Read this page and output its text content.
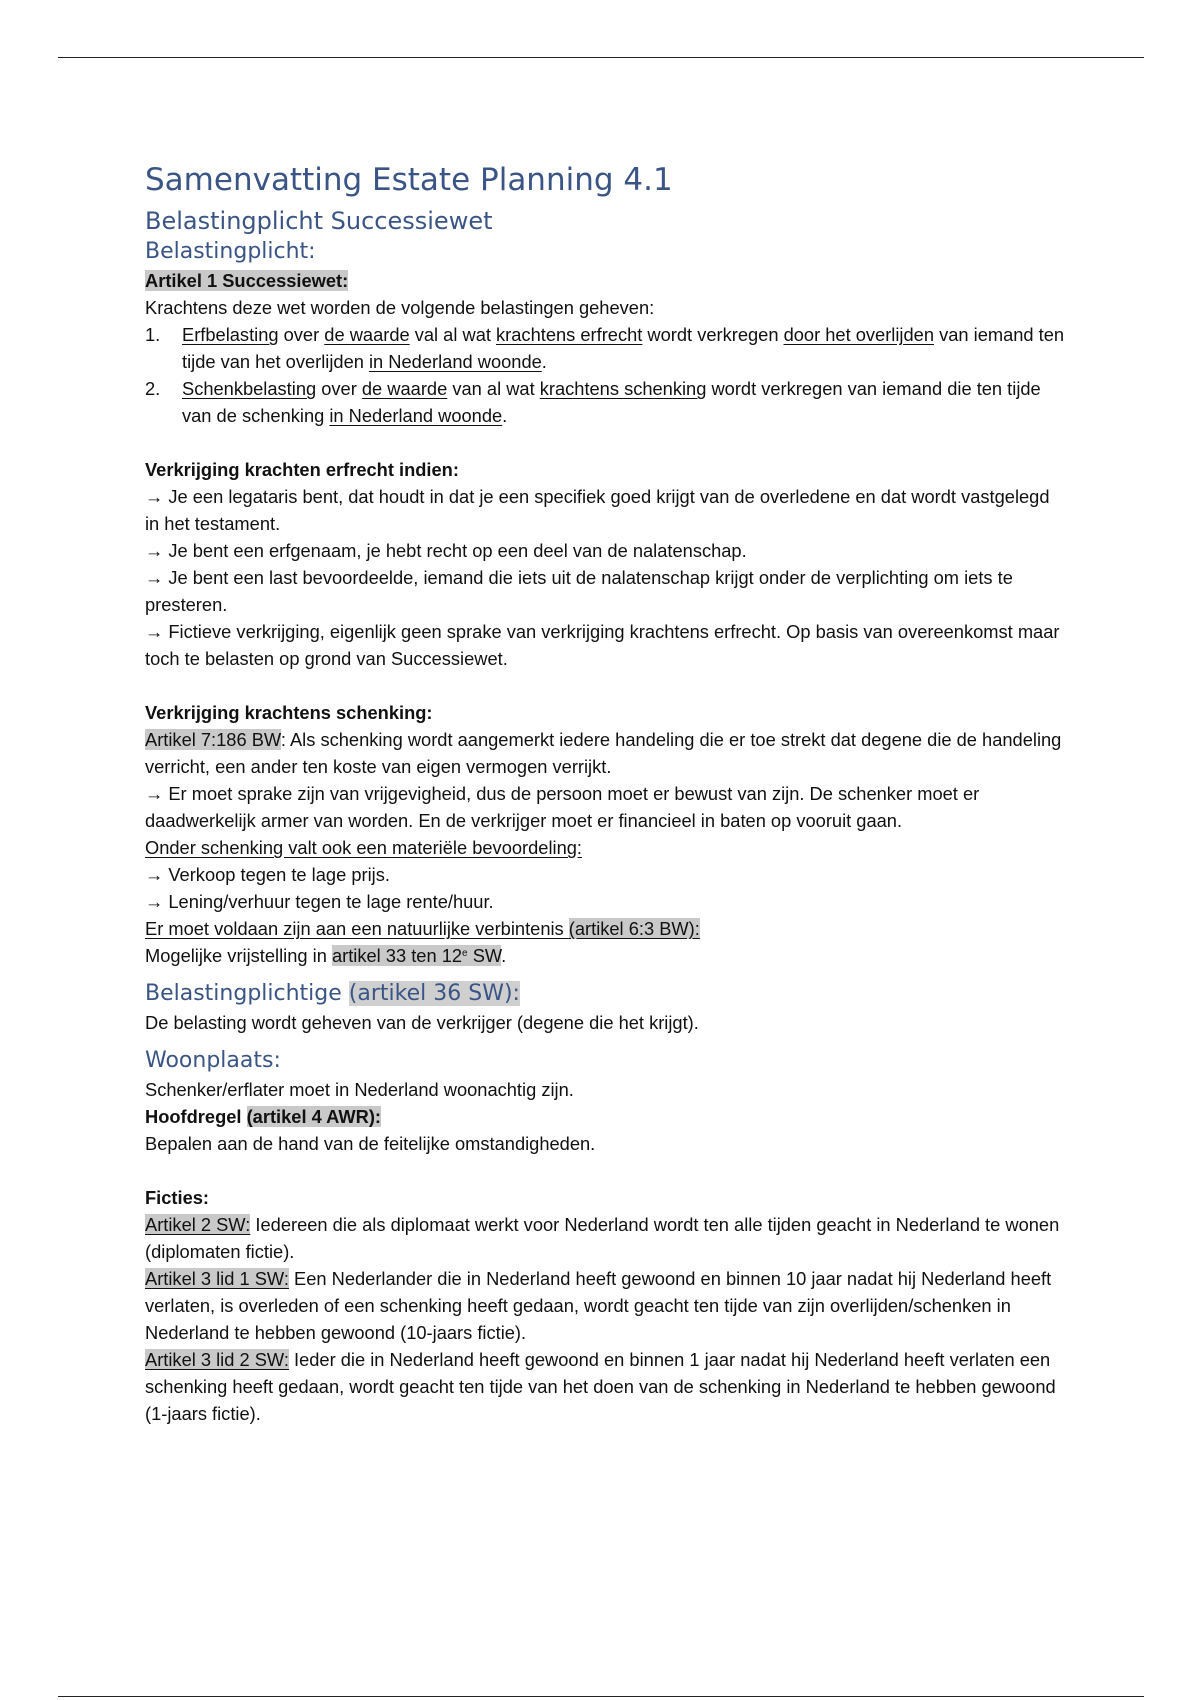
Samenvatting Estate Planning 4.1
Belastingplicht Successiewet
Belastingplicht:

Artikel 1 Successiewet:

Krachtens deze wet worden de volgende belastingen geheven:

1. Erfbelasting over de waarde val al wat krachtens erfrecht wordt verkregen door het overlijden van iemand ten tijde van het overlijden in Nederland woonde.
2. Schenkbelasting over de waarde van al wat krachtens schenking wordt verkregen van iemand die ten tijde van de schenking in Nederland woonde.

Verkrijging krachten erfrecht indien:

→ Je een legataris bent, dat houdt in dat je een specifiek goed krijgt van de overledene en dat wordt vastgelegd in het testament.

→ Je bent een erfgenaam, je hebt recht op een deel van de nalatenschap.

→ Je bent een last bevoordeelde, iemand die iets uit de nalatenschap krijgt onder de verplichting om iets te presteren.

→ Fictieve verkrijging, eigenlijk geen sprake van verkrijging krachtens erfrecht. Op basis van overeenkomst maar toch te belasten op grond van Successiewet.

Verkrijging krachtens schenking:

Artikel 7:186 BW: Als schenking wordt aangemerkt iedere handeling die er toe strekt dat degene die de handeling verricht, een ander ten koste van eigen vermogen verrijkt.

→ Er moet sprake zijn van vrijgevigheid, dus de persoon moet er bewust van zijn. De schenker moet er daadwerkelijk armer van worden. En de verkrijger moet er financieel in baten op vooruit gaan.

Onder schenking valt ook een materiële bevoordeling:

→ Verkoop tegen te lage prijs.

→ Lening/verhuur tegen te lage rente/huur.

Er moet voldaan zijn aan een natuurlijke verbintenis (artikel 6:3 BW):

Mogelijke vrijstelling in artikel 33 ten 12e SW.

Belastingplichtige (artikel 36 SW):

De belasting wordt geheven van de verkrijger (degene die het krijgt).

Woonplaats:

Schenker/erflater moet in Nederland woonachtig zijn.

Hoofdregel (artikel 4 AWR):

Bepalen aan de hand van de feitelijke omstandigheden.

Ficties:

Artikel 2 SW: Iedereen die als diplomaat werkt voor Nederland wordt ten alle tijden geacht in Nederland te wonen (diplomaten fictie).

Artikel 3 lid 1 SW: Een Nederlander die in Nederland heeft gewoond en binnen 10 jaar nadat hij Nederland heeft verlaten, is overleden of een schenking heeft gedaan, wordt geacht ten tijde van zijn overlijden/schenken in Nederland te hebben gewoond (10-jaars fictie).

Artikel 3 lid 2 SW: Ieder die in Nederland heeft gewoond en binnen 1 jaar nadat hij Nederland heeft verlaten een schenking heeft gedaan, wordt geacht ten tijde van het doen van de schenking in Nederland te hebben gewoond (1-jaars fictie).
